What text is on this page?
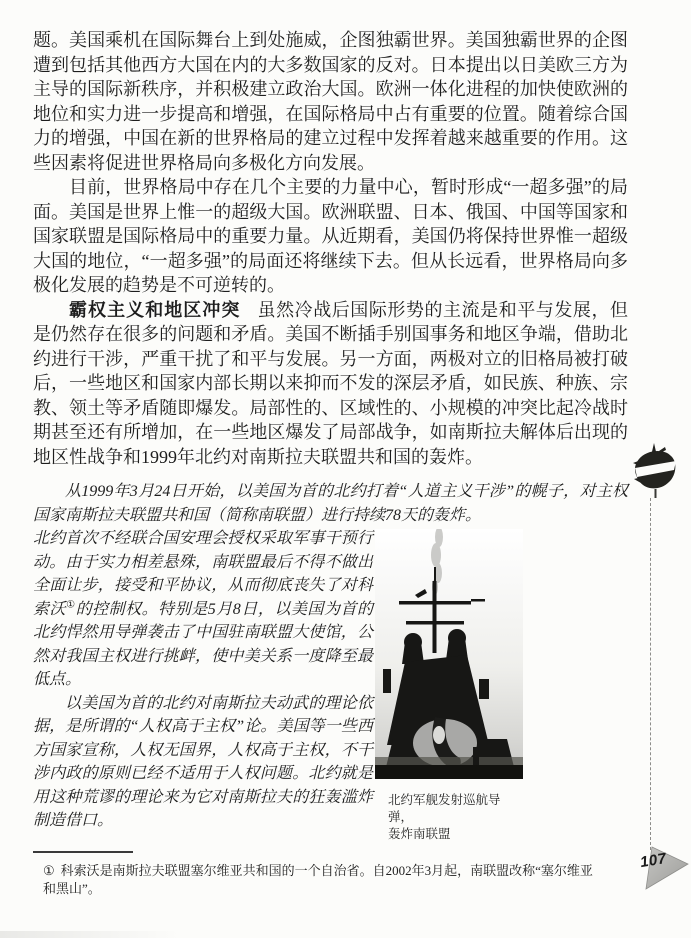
题。美国乘机在国际舞台上到处施威，企图独霸世界。美国独霸世界的企图遭到包括其他西方大国在内的大多数国家的反对。日本提出以日美欧三方为主导的国际新秩序，并积极建立政治大国。欧洲一体化进程的加快使欧洲的地位和实力进一步提高和增强，在国际格局中占有重要的位置。随着综合国力的增强，中国在新的世界格局的建立过程中发挥着越来越重要的作用。这些因素将促进世界格局向多极化方向发展。

目前，世界格局中存在几个主要的力量中心，暂时形成“一超多强”的局面。美国是世界上惟一的超级大国。欧洲联盟、日本、俄国、中国等国家和国家联盟是国际格局中的重要力量。从近期看，美国仍将保持世界惟一超级大国的地位，“一超多强”的局面还将继续下去。但从长远看，世界格局向多极化发展的趋势是不可逆转的。

霸权主义和地区冲突 虽然冷战后国际形势的主流是和平与发展，但是仍然存在很多的问题和矛盾。美国不断插手别国事务和地区争端，借助北约进行干涉，严重干扰了和平与发展。另一方面，两极对立的旧格局被打破后，一些地区和国家内部长期以来抑而不发的深层矛盾，如民族、种族、宗教、领土等矛盾随即爆发。局部性的、区域性的、小规模的冲突比起冷战时期甚至还有所增加，在一些地区爆发了局部战争，如南斯拉夫解体后出现的地区性战争和1999年北约对南斯拉夫联盟共和国的轰炸。

从1999年3月24日开始，以美国为首的北约打着“人道主义干涉”的幌子，对主权国家南斯拉夫联盟共和国（简称南联盟）进行持续78天的轰炸。

北约首次不经联合国安理会授权采取军事干预行动。由于实力相差悬殊，南联盟最后不得不做出全面让步，接受和平协议，从而彻底丧失了对科索沃①的控制权。特别是5月8日，以美国为首的北约悍然用导弹袭击了中国驻南联盟大使馆，公然对我国主权进行挑衅，使中美关系一度降至最低点。

以美国为首的北约对南斯拉夫动武的理论依据，是所谓的“人权高于主权”论。美国等一些西方国家宣称，人权无国界，人权高于主权，不干涉内政的原则已经不适用于人权问题。北约就是用这种荒谬的理论来为它对南斯拉夫的狂轰滥炸制造借口。

北约军舰发射巡航导弹，
轰炸南联盟
① 科索沃是南斯拉夫联盟塞尔维亚共和国的一个自治省。自2002年3月起，南联盟改称“塞尔维亚和黑山”。
107
